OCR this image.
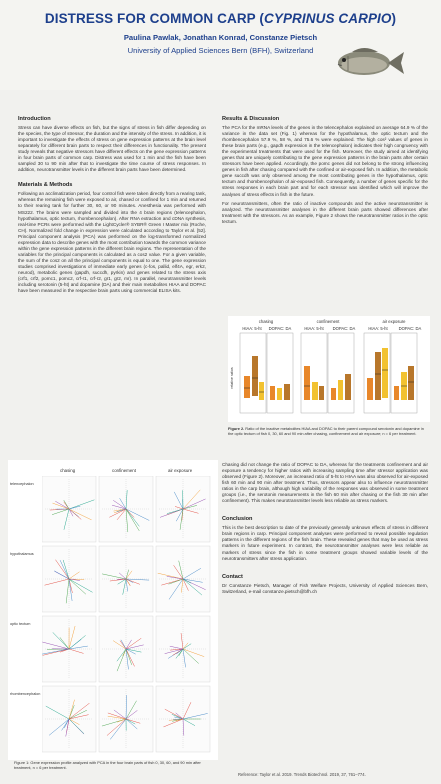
DISTRESS FOR COMMON CARP (CYPRINUS CARPIO)
Paulina Pawlak, Jonathan Konrad, Constanze Pietsch
University of Applied Sciences Bern (BFH), Switzerland
Introduction
Stress can have diverse effects on fish, but the signs of stress in fish differ depending on the species, the type of stressor, the duration and the intensity of the stress. In addition, it is important to investigate the effects of stress on gene expression patterns at the brain level separately for different brain parts to respect their differences in functionality. The present study reveals that negative stressors have different effects on the gene expression patterns in four brain parts of common carp. Distress was used for 1 min and the fish have been sampled 30 to 90 min after that to investigate the time course of stress responses. In addition, neurotransmitter levels in the different brain parts have been determined.
Materials & Methods
Following an acclimatization period, four control fish were taken directly from a rearing tank, whereas the remaining fish were exposed to air, chased or confined for 1 min and returned to their rearing tank for further 30, 60, or 90 minutes. Anesthesia was performed with MS222. The brains were sampled and divided into the 4 brain regions (telencephalon, hypothalamus, optic tectum, rhombencephalon). After RNA extraction and cDNA synthesis, real-time PCRs were performed with the LightCycler® SYBR® Green I Master mix (Roche, CH). Normalized fold change in expression were calculated according to Taylor et al. [52]. Principal component analysis (PCA) was performed on the log-transformed normalized expression data to describe genes with the most contribution towards the common variance within the gene expression patterns in the different brain regions. The representation of the variables for the principal components is calculated as a cos2 value. For a given variable, the sum of the cos2 on all the principal components is equal to one. The gene expression studies comprised investigations of immediate early genes (c-fos, pallid, elf4A, egr, erk2, neurod), metabolic genes (gapdh, succdh, pyrkin) and genes related to the stress axis (crf1, crf2, pomc1, pomc2, crf-r1, crf-r2, gr1, gr2, mr). In parallel, neurotransmitter levels including serotonin (5-ht) and dopamine (DA) and their main metabolites HIAA and DOPAC have been measured in the respective brain parts using commercial ELISA kits.
Results & Discussion
The PCA for the mRNA levels of the genes in the telencephalon explained on average 64.9 % of the variance in the data set (Fig. 1) whereas for the hypothalamus, the optic tectum and the rhombencephalon 57.9 %, 58 %, and 75.6 % were explained. The high cos² values of genes in these brain parts (e.g., gapdh expression in the telencephalon) indicates their high congruency with the experimental treatments that were used for the fish. Moreover, the study aimed at identifying genes that are uniquely contributing to the gene expression patterns in the brain parts after certain stressors have been applied. Accordingly, the pomc genes did not belong to the strong influencing genes in fish after chasing compared with the confined or air-exposed fish. In addition, the metabolic gene succdh was only observed among the most contributing genes in the hypothalamus, optic tectum and rhombencephalon of air-exposed fish. Consequently, a number of genes specific for the stress responses in each brain part and for each stressor was identified which will improve the analyses of stress effects in fish in the future.
For neurotransmitters, often the ratio of inactive compounds and the active neurotransmitter is analyzed. The neurotransmitter analyses in the different brain parts showed differences after treatment with the stressors. As an example, Figure 2 shows the neurotransmitter ratios in the optic tectum.
relative ratios
chasing	confinement	air exposure
HIAA: 5-ht DOPAC: DA	HIAA: 5-ht DOPAC: DA	HIAA: 5-ht	DOPAC: DA
Figure 2. Ratio of the inactive metabolites HIAA and DOPAC to their parent compound serotonin and dopamine in the optic tectum of fish 0, 30, 60 and 90 min after chasing, confinement and air exposure; n = 6 per treatment.
chasing	confinement	air exposure
telencephalon
hypothalamus
optic tectum
rhombencephalon
Figure 1: Gene expression profile analyzed with PCA in the four brain parts of fish 0, 30, 60, and 90 min after treatment, n = 6 per treatment.
Chasing did not change the ratio of DOPAC to DA, whereas for the treatments confinement and air exposure a tendency for higher ratios with increasing sampling time after stressor application was observed (Figure 2). Moreover, an increased ratio of 5-ht to HIAA was also observed for air-exposed fish 60 min and 90 min after treatment. Thus, stressors appear also to influence neurotransmitter ratios in the carp brain, although high variability of the responses was observed in some treatment groups (i.e., the serotonin measurements in the fish 60 min after chasing or the fish 30 min after confinement). This makes neurotransmitter levels less reliable as stress markers.
Conclusion
This is the best description to date of the previously generally unknown effects of stress in different brain regions in carp. Principal component analyses were performed to reveal possible regulation patterns in the different regions of the fish brain. These revealed genes that may be used as stress markers in future experiment. In contrast, the neurotransmitter analyses were less reliable as markers of stress since the fish in some treatment groups showed variable levels of the neurotransmitters after stress application.
Contact
Dr Constanze Pietsch, Manager of Fish Welfare Projects, University of Applied Sciences Bern, Switzerland, e-mail constanze.pietsch@bfh.ch
Reference: Taylor et al. 2019. Trends Biotechnol. 2019, 37, 761–774.
